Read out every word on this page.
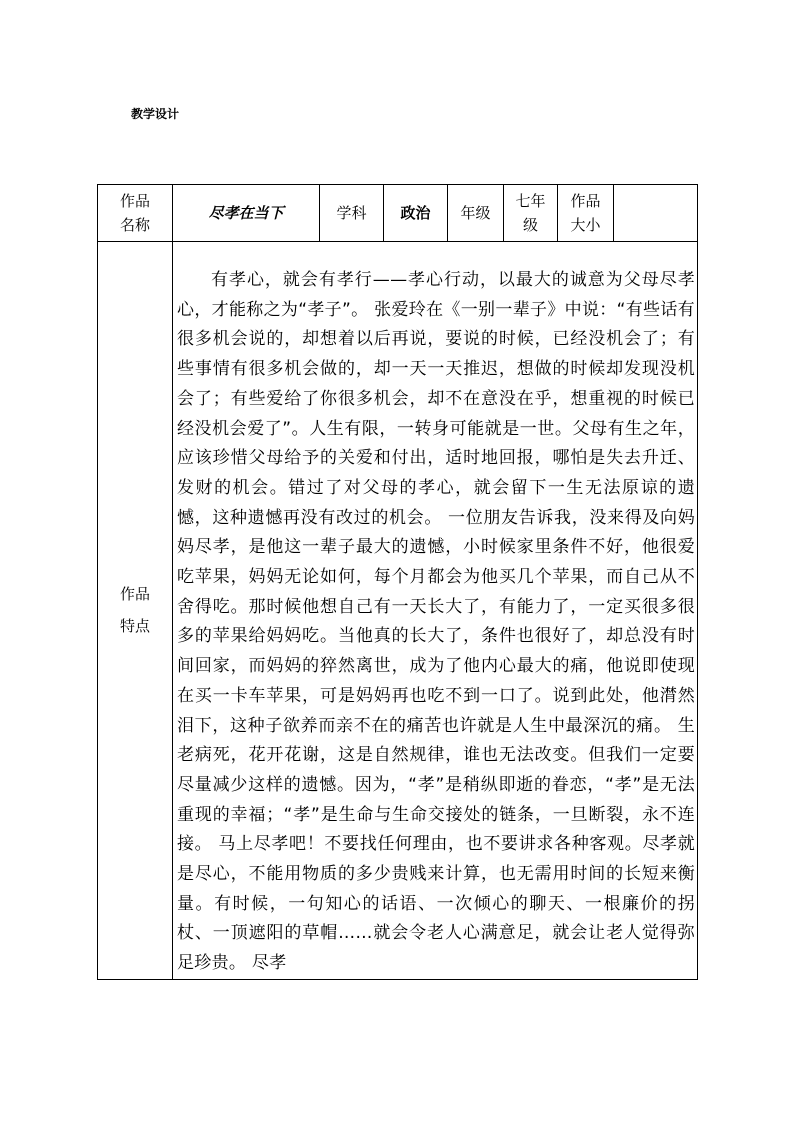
教学设计
作品名称	尽孝在当下	学科	政治	年级	七年级	作品大小	

作品特点	有孝心，就会有孝行——孝心行动，以最大的诚意为父母尽孝心，才能称之为“孝子”。 张爱玲在《一别一辈子》中说：“有些话有很多机会说的，却想着以后再说，要说的时候，已经没机会了；有些事情有很多机会做的，却一天一天推迟，想做的时候却发现没机会了；有些爱给了你很多机会，却不在意没在乎，想重视的时候已经没机会爱了”。人生有限，一转身可能就是一世。父母有生之年，应该珍惜父母给予的关爱和付出，适时地回报，哪怕是失去升迁、发财的机会。错过了对父母的孝心，就会留下一生无法原谅的遗憾，这种遗憾再没有改过的机会。 一位朋友告诉我，没来得及向妈妈尽孝，是他这一辈子最大的遗憾，小时候家里条件不好，他很爱吃苹果，妈妈无论如何，每个月都会为他买几个苹果，而自己从不舍得吃。那时候他想自己有一天长大了，有能力了，一定买很多很多的苹果给妈妈吃。当他真的长大了，条件也很好了，却总没有时间回家，而妈妈的猝然离世，成为了他内心最大的痛，他说即使现在买一卡车苹果，可是妈妈再也吃不到一口了。说到此处，他潸然泪下，这种子欲养而亲不在的痛苦也许就是人生中最深沉的痛。 生老病死，花开花谢，这是自然规律，谁也无法改变。但我们一定要尽量减少这样的遗憾。因为，“孝”是稍纵即逝的眷恋，“孝”是无法重现的幸福；“孝”是生命与生命交接处的链条，一旦断裂，永不连接。 马上尽孝吧！不要找任何理由，也不要讲求各种客观。尽孝就是尽心，不能用物质的多少贵贱来计算，也无需用时间的长短来衡量。有时候，一句知心的话语、一次倾心的聊天、一根廉价的拐杖、一顶遮阳的草帽……就会令老人心满意足，就会让老人觉得弥足珍贵。 尽孝						
